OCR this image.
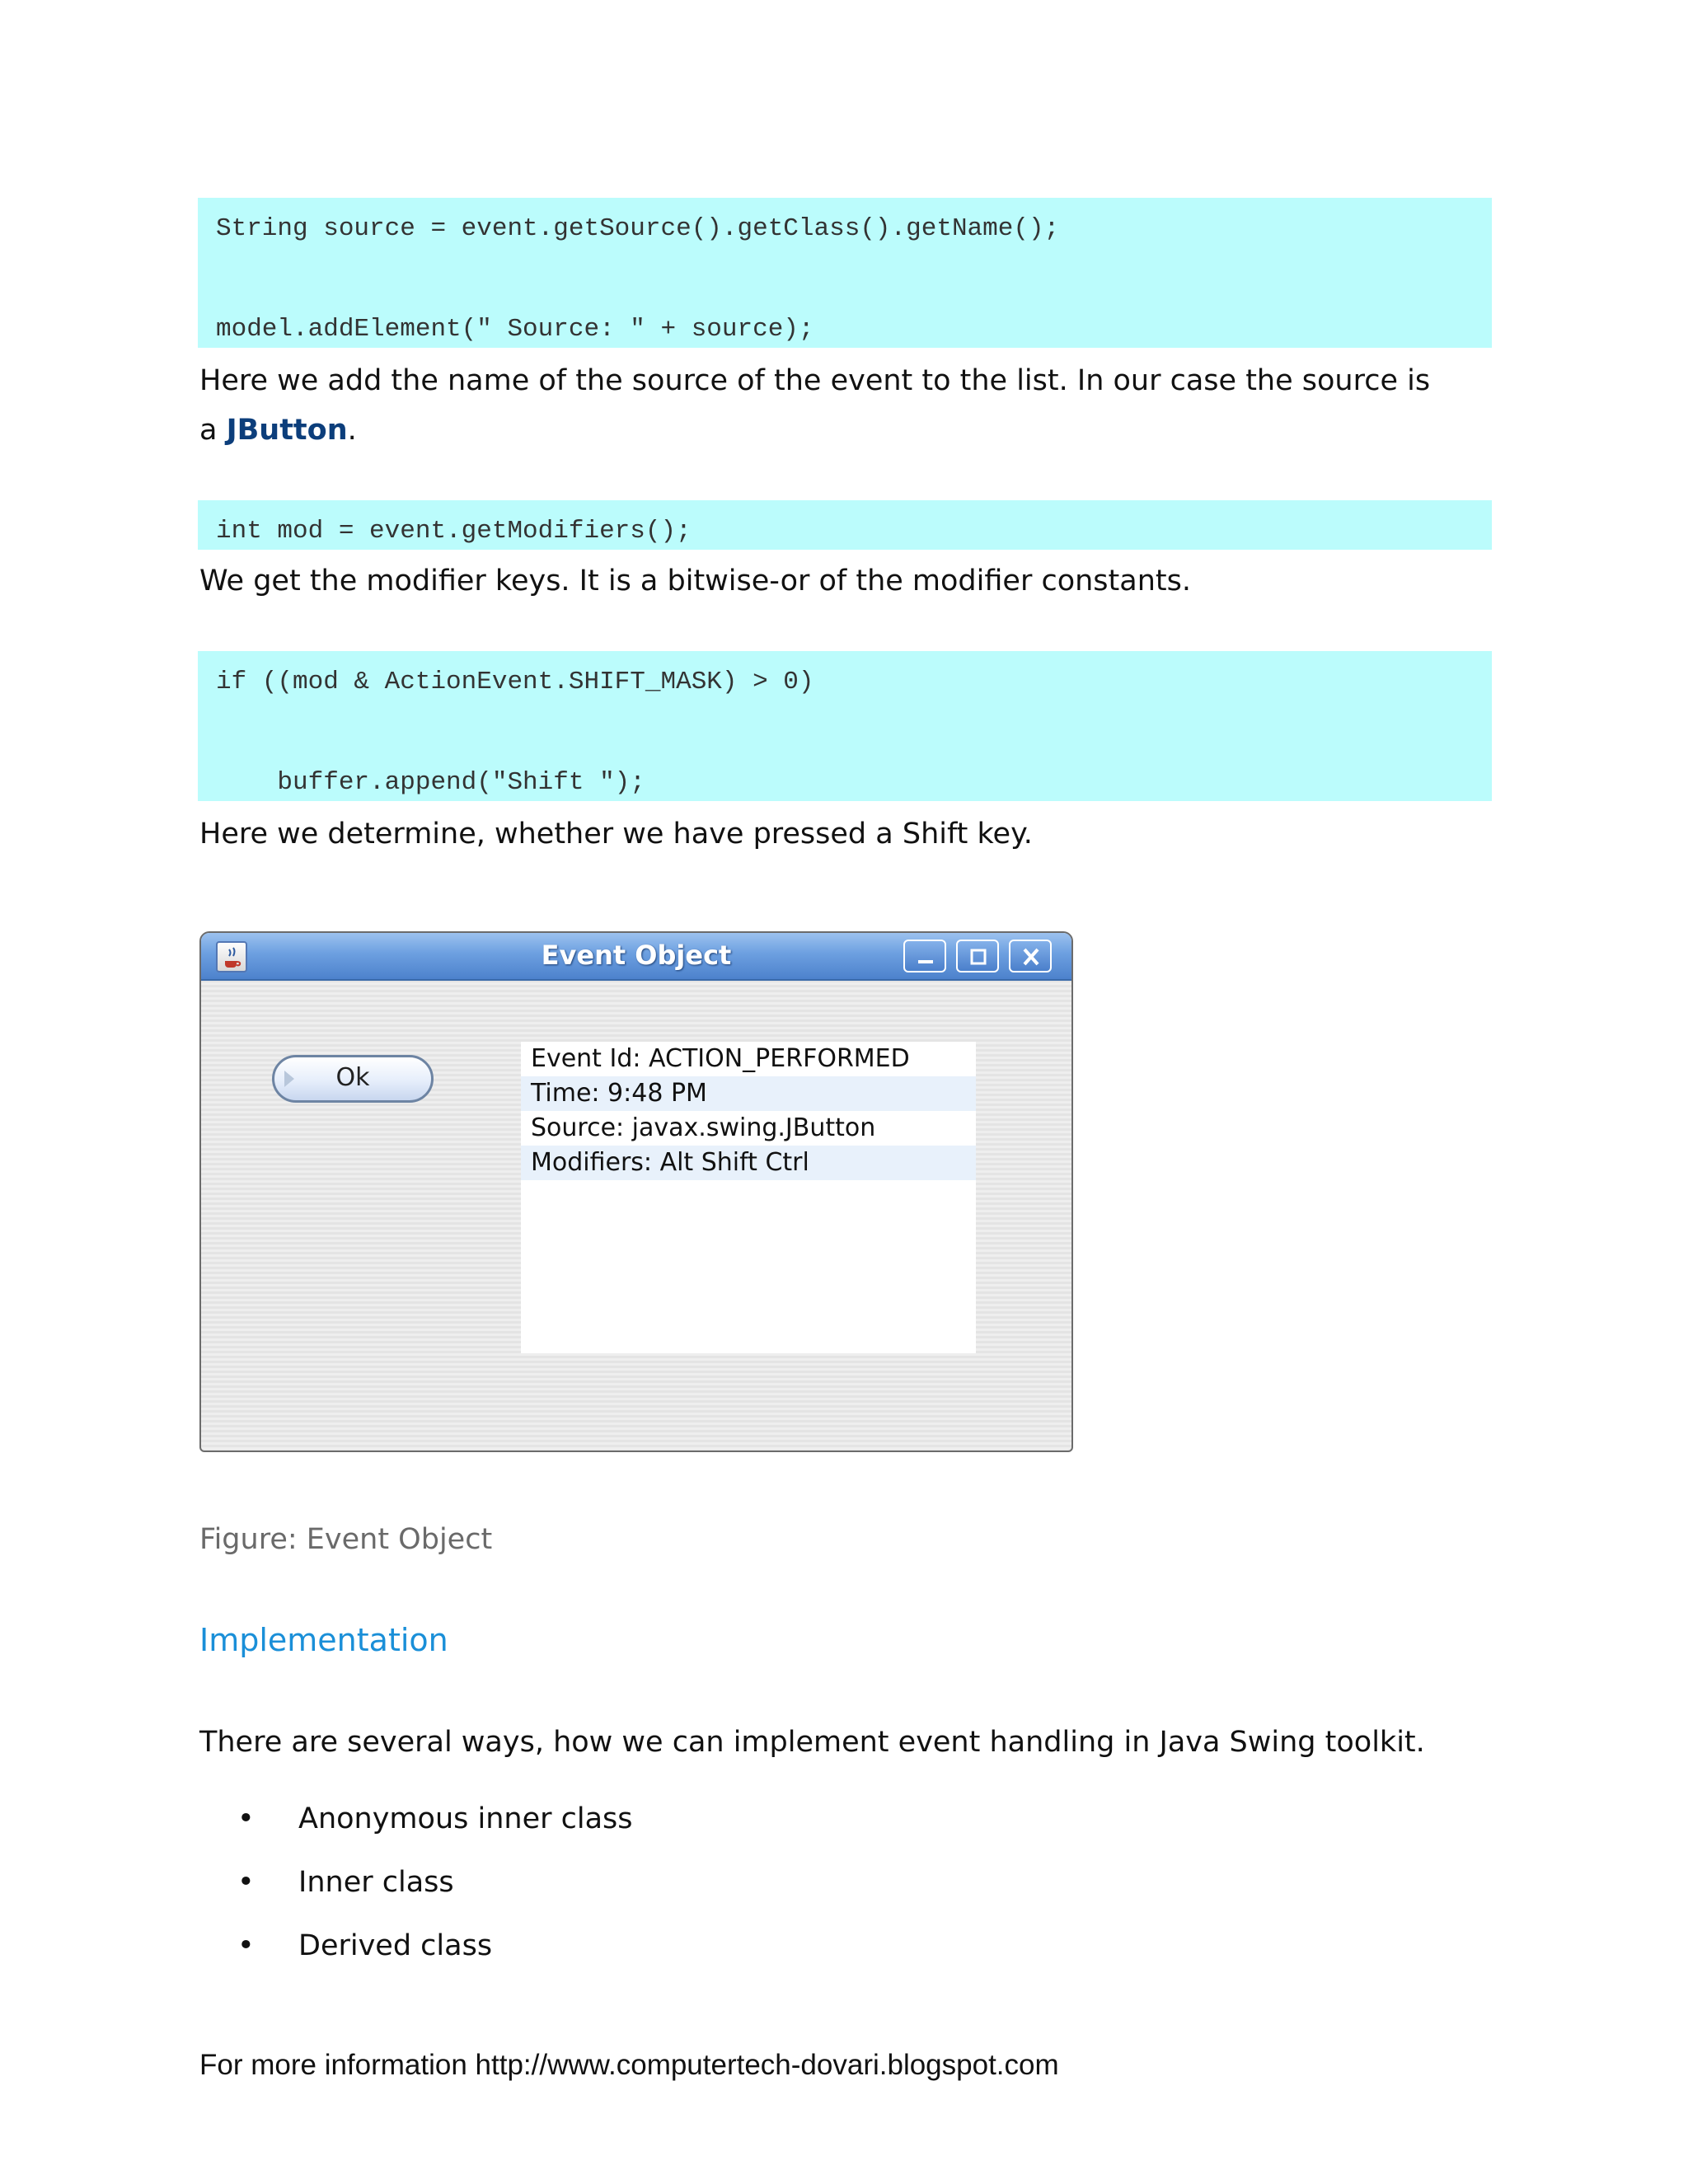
String source = event.getSource().getClass().getName();
model.addElement(" Source: " + source);
Here we add the name of the source of the event to the list. In our case the source is
a JButton.
int mod = event.getModifiers();
We get the modifier keys. It is a bitwise-or of the modifier constants.
if ((mod & ActionEvent.SHIFT_MASK) > 0)
buffer.append("Shift ");
Here we determine, whether we have pressed a Shift key.
Event Object
Ok
Event Id: ACTION_PERFORMED
Time: 9:48 PM
Source: javax.swing.JButton
Modifiers: Alt Shift Ctrl
Figure: Event Object
Implementation
There are several ways, how we can implement event handling in Java Swing toolkit.
• Anonymous inner class
• Inner class
• Derived class
For more information http://www.computertech-dovari.blogspot.com
